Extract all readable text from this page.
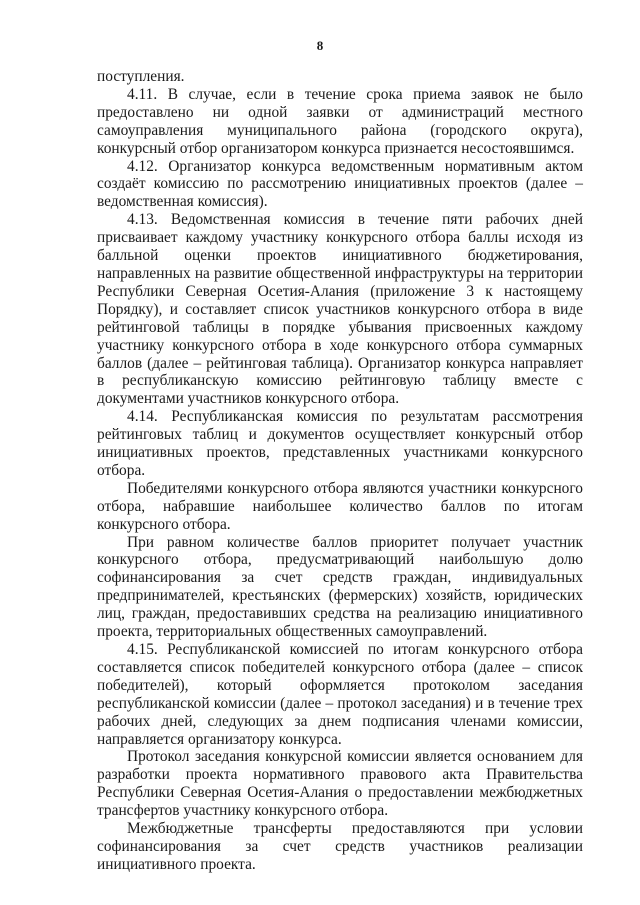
8

поступления.

4.11. В случае, если в течение срока приема заявок не было предоставлено ни одной заявки от администраций местного самоуправления муниципального района (городского округа), конкурсный отбор организатором конкурса признается несостоявшимся.

4.12. Организатор конкурса ведомственным нормативным актом создаёт комиссию по рассмотрению инициативных проектов (далее – ведомственная комиссия).

4.13. Ведомственная комиссия в течение пяти рабочих дней присваивает каждому участнику конкурсного отбора баллы исходя из балльной оценки проектов инициативного бюджетирования, направленных на развитие общественной инфраструктуры на территории Республики Северная Осетия-Алания (приложение 3 к настоящему Порядку), и составляет список участников конкурсного отбора в виде рейтинговой таблицы в порядке убывания присвоенных каждому участнику конкурсного отбора в ходе конкурсного отбора суммарных баллов (далее – рейтинговая таблица). Организатор конкурса направляет в республиканскую комиссию рейтинговую таблицу вместе с документами участников конкурсного отбора.

4.14. Республиканская комиссия по результатам рассмотрения рейтинговых таблиц и документов осуществляет конкурсный отбор инициативных проектов, представленных участниками конкурсного отбора.

Победителями конкурсного отбора являются участники конкурсного отбора, набравшие наибольшее количество баллов по итогам конкурсного отбора.

При равном количестве баллов приоритет получает участник конкурсного отбора, предусматривающий наибольшую долю софинансирования за счет средств граждан, индивидуальных предпринимателей, крестьянских (фермерских) хозяйств, юридических лиц, граждан, предоставивших средства на реализацию инициативного проекта, территориальных общественных самоуправлений.

4.15. Республиканской комиссией по итогам конкурсного отбора составляется список победителей конкурсного отбора (далее – список победителей), который оформляется протоколом заседания республиканской комиссии (далее – протокол заседания) и в течение трех рабочих дней, следующих за днем подписания членами комиссии, направляется организатору конкурса.

Протокол заседания конкурсной комиссии является основанием для разработки проекта нормативного правового акта Правительства Республики Северная Осетия-Алания о предоставлении межбюджетных трансфертов участнику конкурсного отбора.

Межбюджетные трансферты предоставляются при условии софинансирования за счет средств участников реализации инициативного проекта.
